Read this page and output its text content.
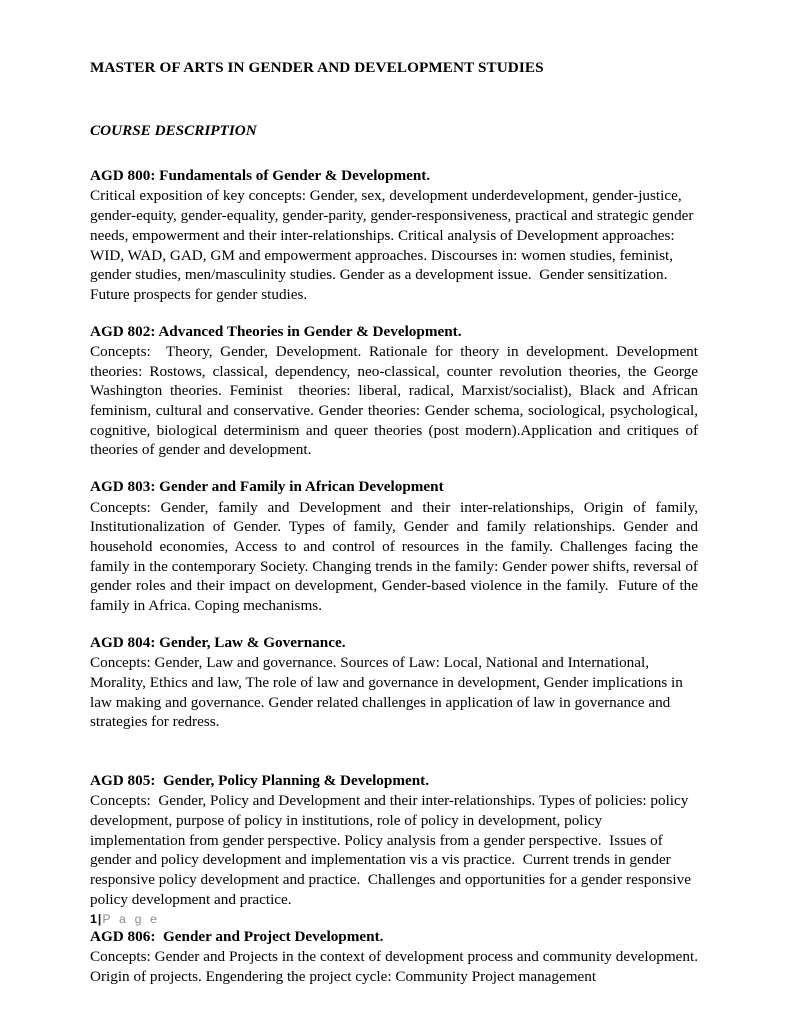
MASTER OF ARTS IN GENDER AND DEVELOPMENT STUDIES
COURSE DESCRIPTION
AGD 800: Fundamentals of Gender & Development.

Critical exposition of key concepts: Gender, sex, development underdevelopment, gender-justice, gender-equity, gender-equality, gender-parity, gender-responsiveness, practical and strategic gender needs, empowerment and their inter-relationships. Critical analysis of Development approaches: WID, WAD, GAD, GM and empowerment approaches. Discourses in: women studies, feminist, gender studies, men/masculinity studies. Gender as a development issue.  Gender sensitization.  Future prospects for gender studies.

AGD 802: Advanced Theories in Gender & Development.

Concepts:  Theory, Gender, Development. Rationale for theory in development. Development theories: Rostows, classical, dependency, neo-classical, counter revolution theories, the George Washington theories. Feminist  theories: liberal, radical, Marxist/socialist), Black and African feminism, cultural and conservative. Gender theories: Gender schema, sociological, psychological, cognitive, biological determinism and queer theories (post modern).Application and critiques of theories of gender and development.

AGD 803: Gender and Family in African Development

Concepts: Gender, family and Development and their inter-relationships, Origin of family, Institutionalization of Gender. Types of family, Gender and family relationships. Gender and household economies, Access to and control of resources in the family. Challenges facing the family in the contemporary Society. Changing trends in the family: Gender power shifts, reversal of gender roles and their impact on development, Gender-based violence in the family.  Future of the family in Africa. Coping mechanisms.

AGD 804: Gender, Law & Governance.

Concepts: Gender, Law and governance. Sources of Law: Local, National and International, Morality, Ethics and law, The role of law and governance in development, Gender implications in law making and governance. Gender related challenges in application of law in governance and strategies for redress.

AGD 805:  Gender, Policy Planning & Development.

Concepts:  Gender, Policy and Development and their inter-relationships. Types of policies: policy development, purpose of policy in institutions, role of policy in development, policy implementation from gender perspective. Policy analysis from a gender perspective.  Issues of gender and policy development and implementation vis a vis practice.  Current trends in gender responsive policy development and practice.  Challenges and opportunities for a gender responsive policy development and practice.

AGD 806:  Gender and Project Development.

Concepts: Gender and Projects in the context of development process and community development. Origin of projects. Engendering the project cycle: Community Project management

1|P a g e
